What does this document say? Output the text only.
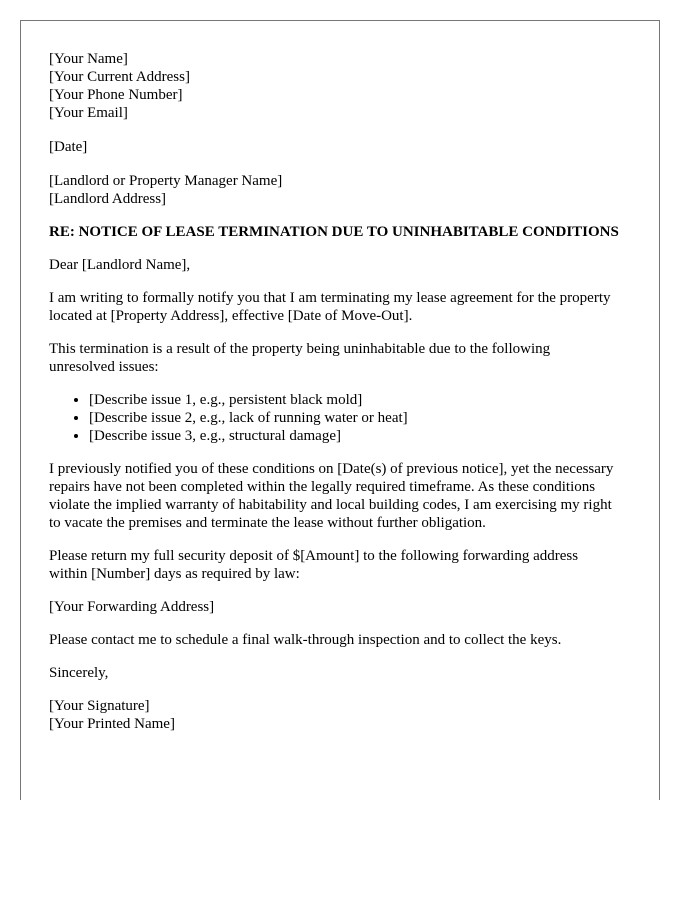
[Your Name]
[Your Current Address]
[Your Phone Number]
[Your Email]
[Date]
[Landlord or Property Manager Name]
[Landlord Address]
RE: NOTICE OF LEASE TERMINATION DUE TO UNINHABITABLE CONDITIONS

Dear [Landlord Name],

I am writing to formally notify you that I am terminating my lease agreement for the property located at [Property Address], effective [Date of Move-Out].

This termination is a result of the property being uninhabitable due to the following unresolved issues:

• [Describe issue 1, e.g., persistent black mold]
• [Describe issue 2, e.g., lack of running water or heat]
• [Describe issue 3, e.g., structural damage]

I previously notified you of these conditions on [Date(s) of previous notice], yet the necessary repairs have not been completed within the legally required timeframe. As these conditions violate the implied warranty of habitability and local building codes, I am exercising my right to vacate the premises and terminate the lease without further obligation.

Please return my full security deposit of $[Amount] to the following forwarding address within [Number] days as required by law:

[Your Forwarding Address]

Please contact me to schedule a final walk-through inspection and to collect the keys.

Sincerely,

[Your Signature]
[Your Printed Name]
